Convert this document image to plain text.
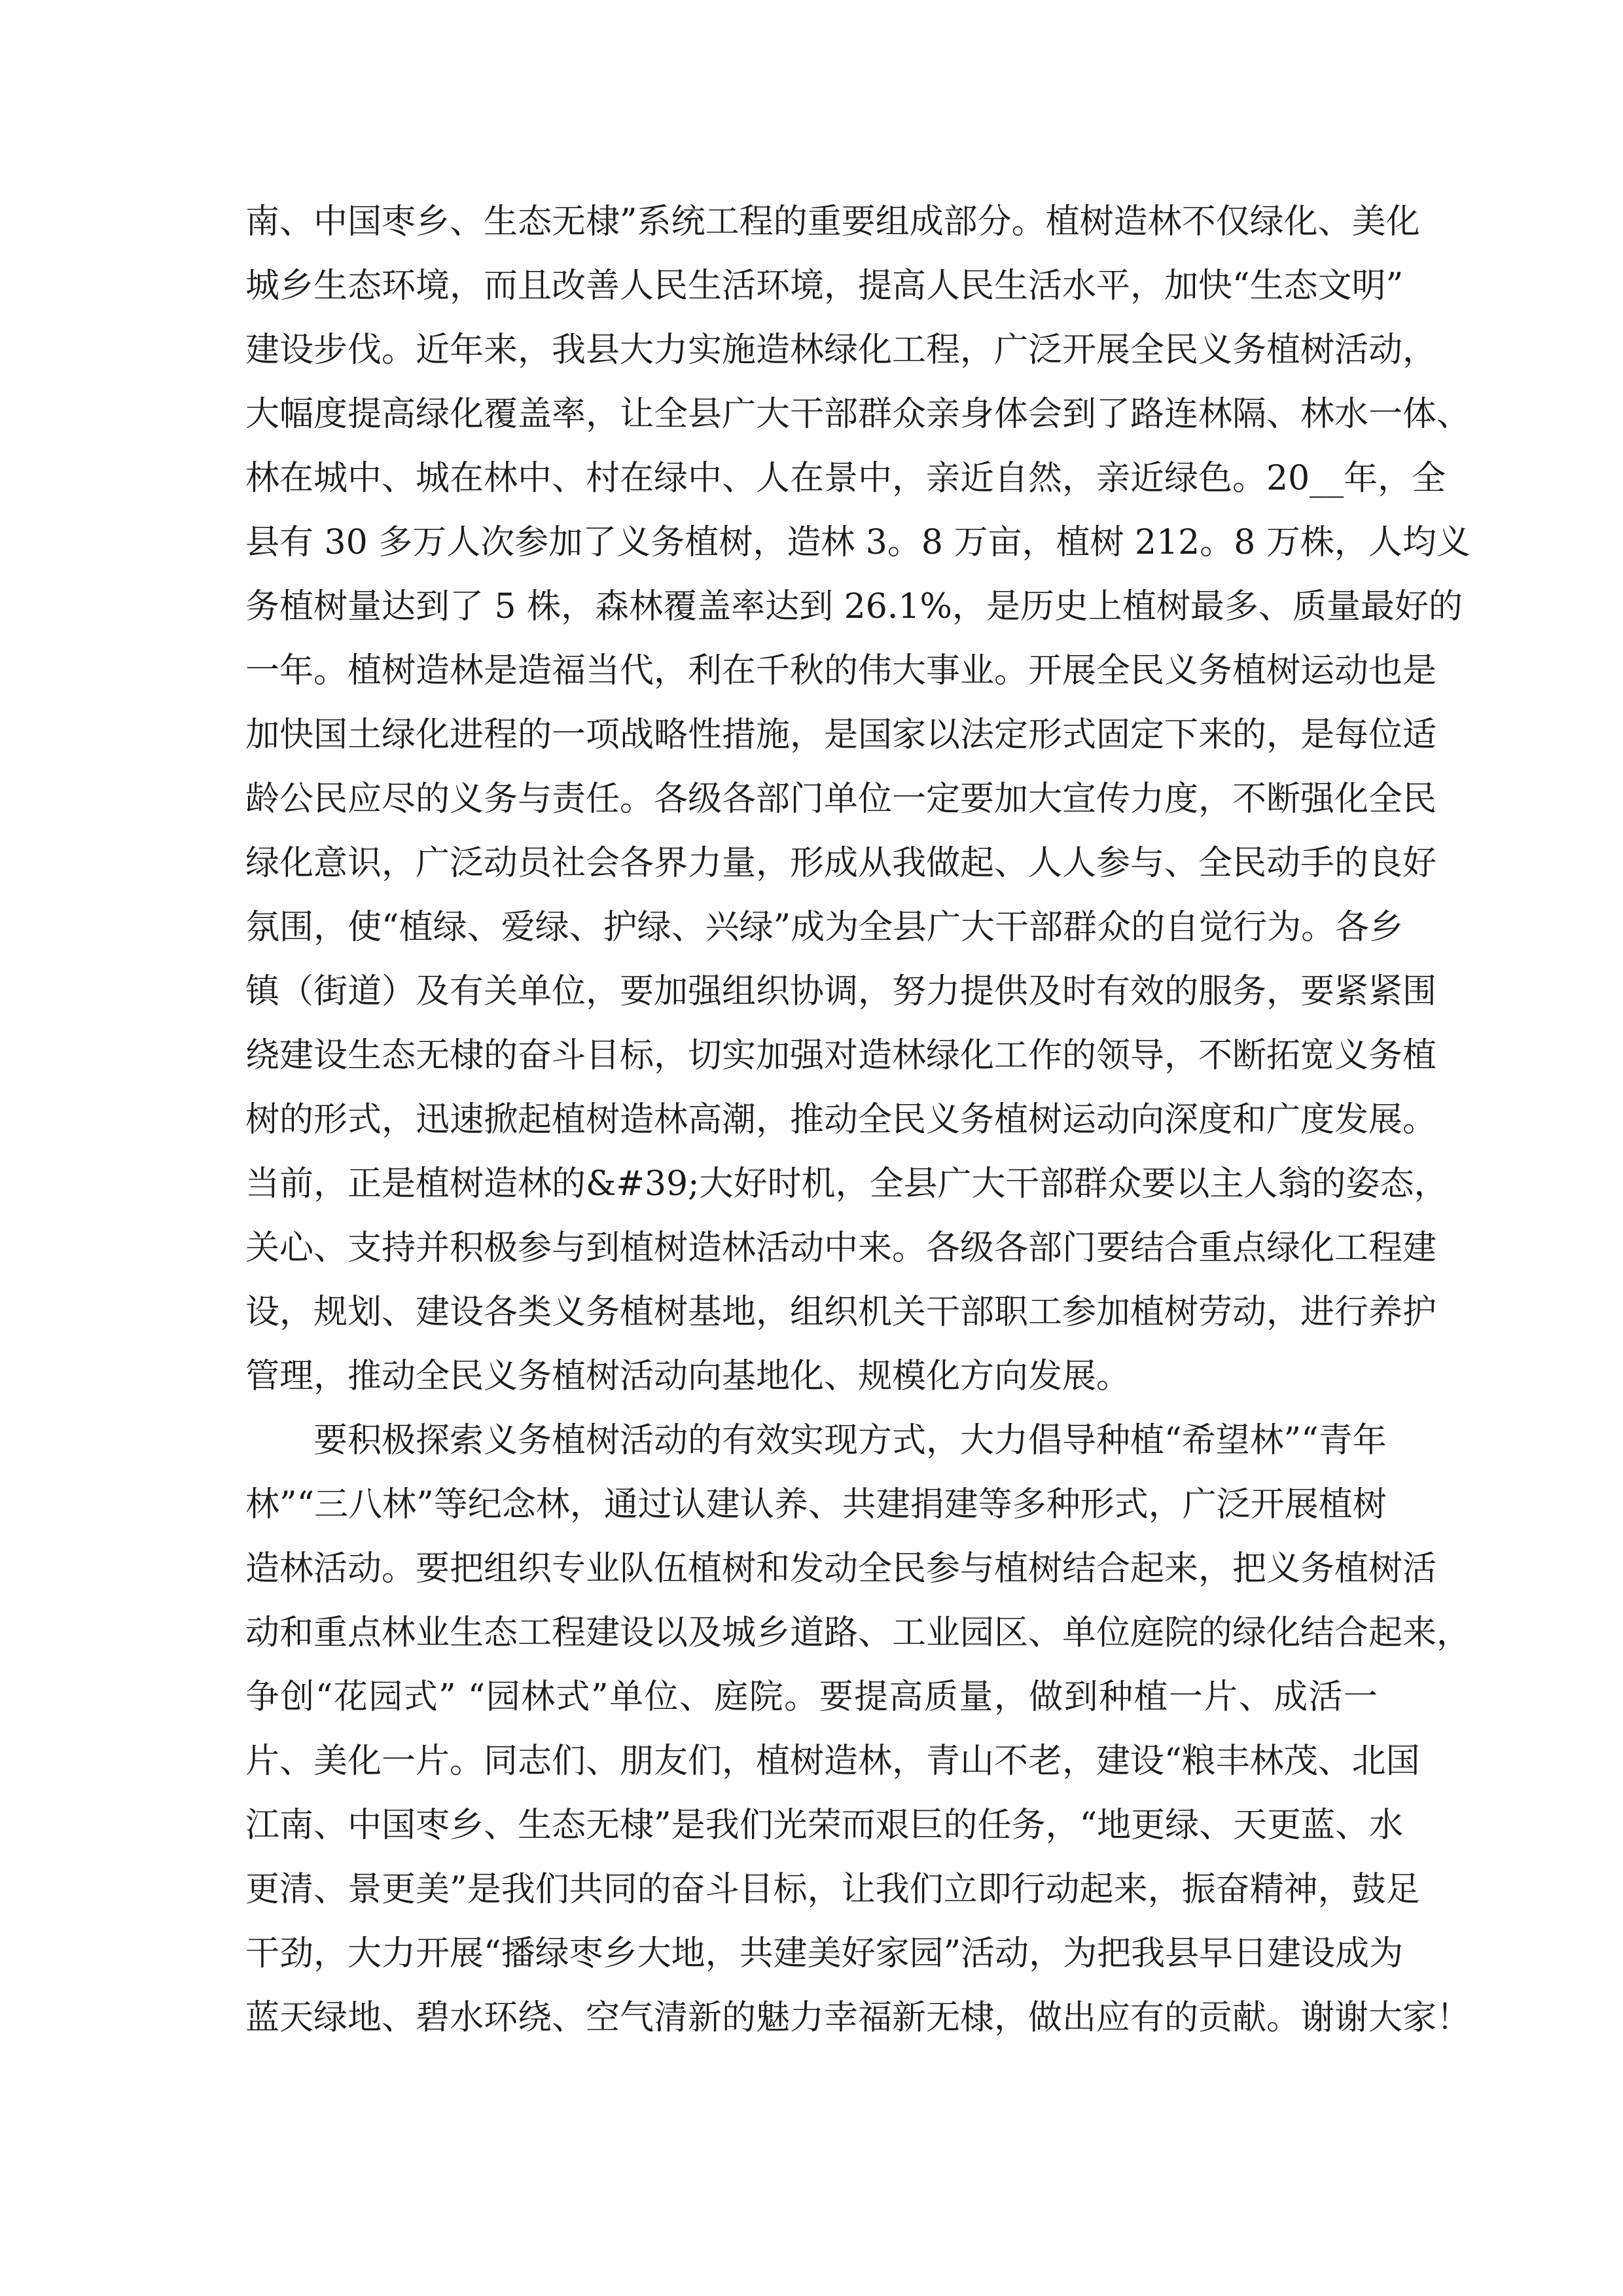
南、中国枣乡、生态无棣”系统工程的重要组成部分。植树造林不仅绿化、美化
城乡生态环境，而且改善人民生活环境，提高人民生活水平，加快“生态文明”
建设步伐。近年来，我县大力实施造林绿化工程，广泛开展全民义务植树活动，
大幅度提高绿化覆盖率，让全县广大干部群众亲身体会到了路连林隔、林水一体、
林在城中、城在林中、村在绿中、人在景中，亲近自然，亲近绿色。20__年，全
县有 30 多万人次参加了义务植树，造林 3。8 万亩，植树 212。8 万株，人均义
务植树量达到了 5 株，森林覆盖率达到 26.1%，是历史上植树最多、质量最好的
一年。植树造林是造福当代，利在千秋的伟大事业。开展全民义务植树运动也是
加快国土绿化进程的一项战略性措施，是国家以法定形式固定下来的，是每位适
龄公民应尽的义务与责任。各级各部门单位一定要加大宣传力度，不断强化全民
绿化意识，广泛动员社会各界力量，形成从我做起、人人参与、全民动手的良好
氛围，使“植绿、爱绿、护绿、兴绿”成为全县广大干部群众的自觉行为。各乡
镇（街道）及有关单位，要加强组织协调，努力提供及时有效的服务，要紧紧围
绕建设生态无棣的奋斗目标，切实加强对造林绿化工作的领导，不断拓宽义务植
树的形式，迅速掀起植树造林高潮，推动全民义务植树运动向深度和广度发展。
当前，正是植树造林的&#39;大好时机，全县广大干部群众要以主人翁的姿态，
关心、支持并积极参与到植树造林活动中来。各级各部门要结合重点绿化工程建
设，规划、建设各类义务植树基地，组织机关干部职工参加植树劳动，进行养护
管理，推动全民义务植树活动向基地化、规模化方向发展。
　　要积极探索义务植树活动的有效实现方式，大力倡导种植“希望林”“青年
林”“三八林”等纪念林，通过认建认养、共建捐建等多种形式，广泛开展植树
造林活动。要把组织专业队伍植树和发动全民参与植树结合起来，把义务植树活
动和重点林业生态工程建设以及城乡道路、工业园区、单位庭院的绿化结合起来，
争创“花园式” “园林式”单位、庭院。要提高质量，做到种植一片、成活一
片、美化一片。同志们、朋友们，植树造林，青山不老，建设“粮丰林茂、北国
江南、中国枣乡、生态无棣”是我们光荣而艰巨的任务，“地更绿、天更蓝、水
更清、景更美”是我们共同的奋斗目标，让我们立即行动起来，振奋精神，鼓足
干劲，大力开展“播绿枣乡大地，共建美好家园”活动，为把我县早日建设成为
蓝天绿地、碧水环绕、空气清新的魅力幸福新无棣，做出应有的贡献。谢谢大家！
